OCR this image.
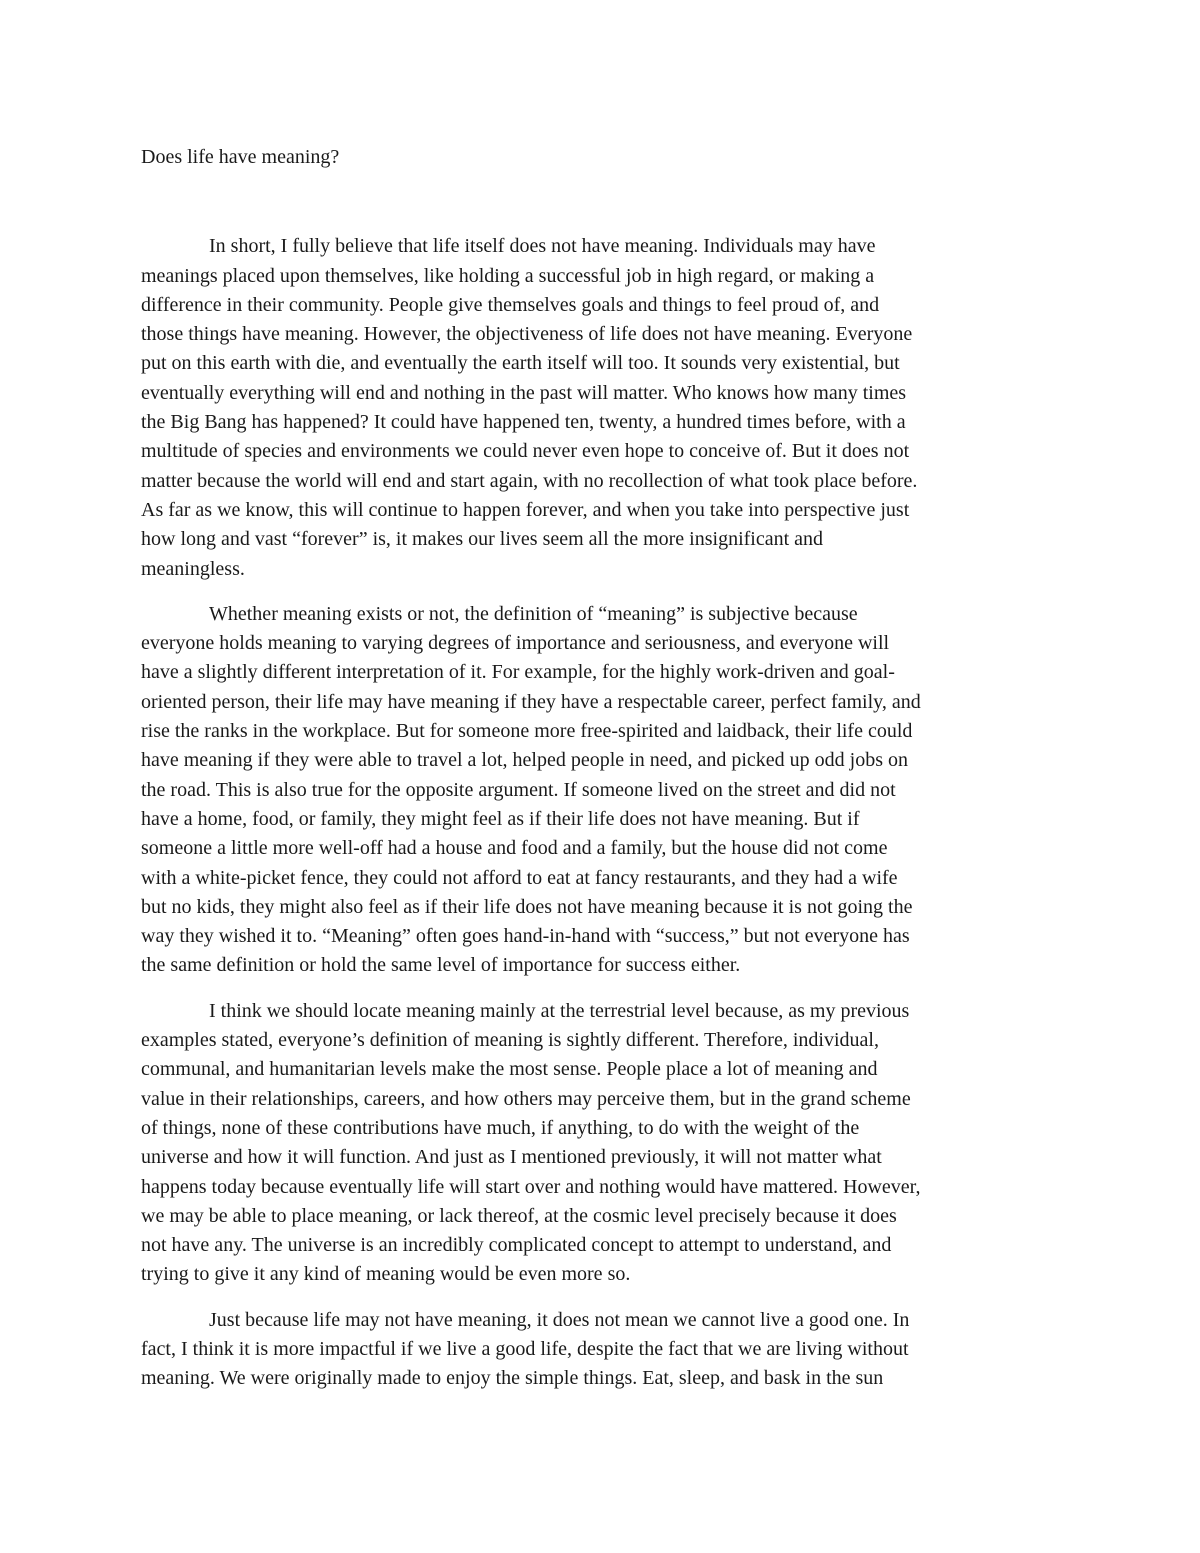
Does life have meaning?

In short, I fully believe that life itself does not have meaning. Individuals may have
meanings placed upon themselves, like holding a successful job in high regard, or making a
difference in their community. People give themselves goals and things to feel proud of, and
those things have meaning. However, the objectiveness of life does not have meaning. Everyone
put on this earth with die, and eventually the earth itself will too. It sounds very existential, but
eventually everything will end and nothing in the past will matter. Who knows how many times
the Big Bang has happened? It could have happened ten, twenty, a hundred times before, with a
multitude of species and environments we could never even hope to conceive of. But it does not
matter because the world will end and start again, with no recollection of what took place before.
As far as we know, this will continue to happen forever, and when you take into perspective just
how long and vast “forever” is, it makes our lives seem all the more insignificant and
meaningless.

Whether meaning exists or not, the definition of “meaning” is subjective because
everyone holds meaning to varying degrees of importance and seriousness, and everyone will
have a slightly different interpretation of it. For example, for the highly work-driven and goal-
oriented person, their life may have meaning if they have a respectable career, perfect family, and
rise the ranks in the workplace. But for someone more free-spirited and laidback, their life could
have meaning if they were able to travel a lot, helped people in need, and picked up odd jobs on
the road. This is also true for the opposite argument. If someone lived on the street and did not
have a home, food, or family, they might feel as if their life does not have meaning. But if
someone a little more well-off had a house and food and a family, but the house did not come
with a white-picket fence, they could not afford to eat at fancy restaurants, and they had a wife
but no kids, they might also feel as if their life does not have meaning because it is not going the
way they wished it to. “Meaning” often goes hand-in-hand with “success,” but not everyone has
the same definition or hold the same level of importance for success either.

I think we should locate meaning mainly at the terrestrial level because, as my previous
examples stated, everyone’s definition of meaning is sightly different. Therefore, individual,
communal, and humanitarian levels make the most sense. People place a lot of meaning and
value in their relationships, careers, and how others may perceive them, but in the grand scheme
of things, none of these contributions have much, if anything, to do with the weight of the
universe and how it will function. And just as I mentioned previously, it will not matter what
happens today because eventually life will start over and nothing would have mattered. However,
we may be able to place meaning, or lack thereof, at the cosmic level precisely because it does
not have any. The universe is an incredibly complicated concept to attempt to understand, and
trying to give it any kind of meaning would be even more so.

Just because life may not have meaning, it does not mean we cannot live a good one. In
fact, I think it is more impactful if we live a good life, despite the fact that we are living without
meaning. We were originally made to enjoy the simple things. Eat, sleep, and bask in the sun
